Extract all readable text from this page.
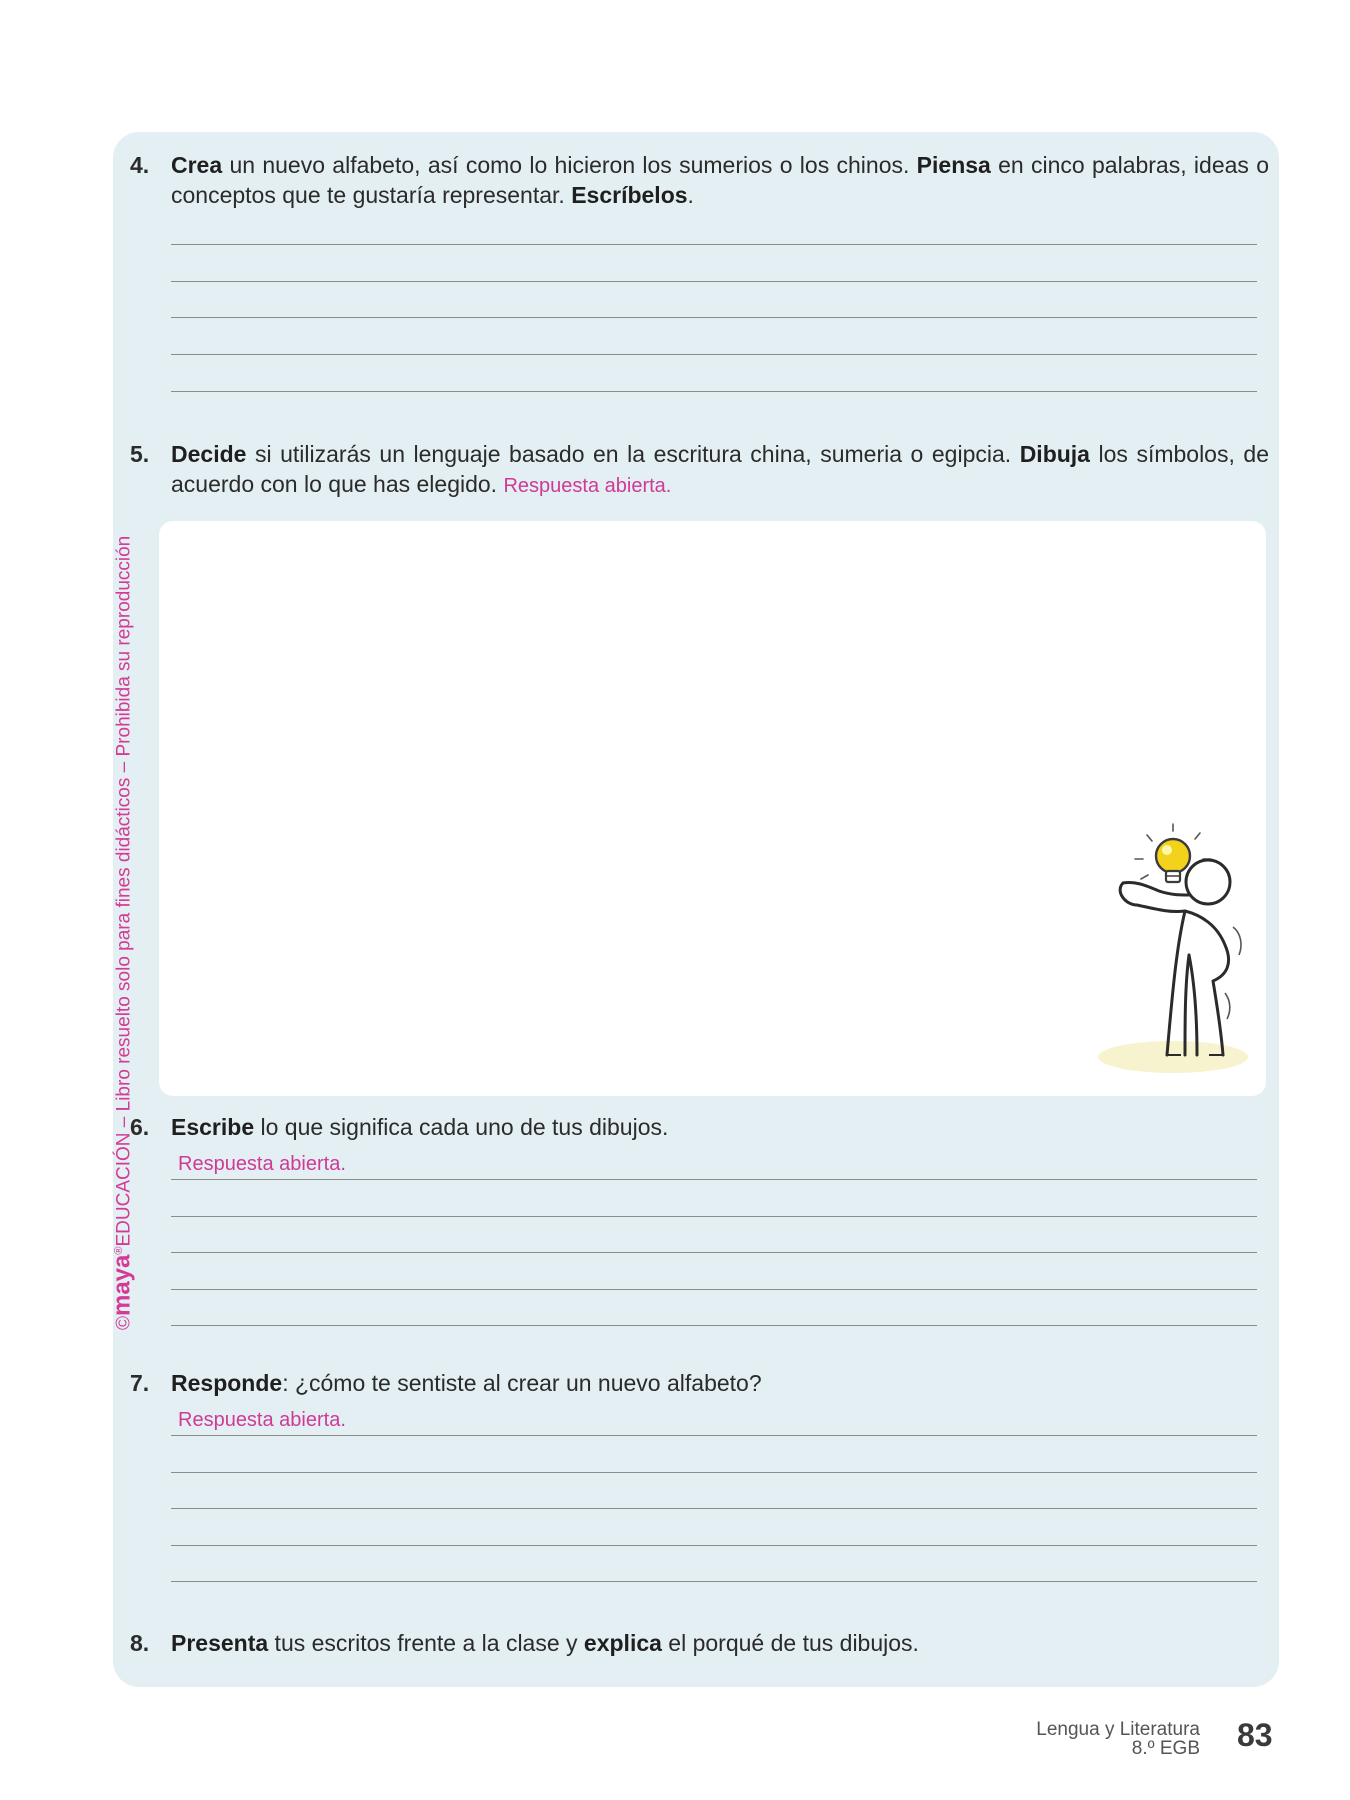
4. Crea un nuevo alfabeto, así como lo hicieron los sumerios o los chinos. Piensa en cinco palabras, ideas o conceptos que te gustaría representar. Escríbelos.
5. Decide si utilizarás un lenguaje basado en la escritura china, sumeria o egipcia. Dibuja los símbolos, de acuerdo con lo que has elegido. Respuesta abierta.
6. Escribe lo que significa cada uno de tus dibujos.
Respuesta abierta.
7. Responde: ¿cómo te sentiste al crear un nuevo alfabeto?
Respuesta abierta.
8. Presenta tus escritos frente a la clase y explica el porqué de tus dibujos.
©maya®EDUCACIÓN – Libro resuelto solo para fines didácticos – Prohibida su reproducción
Lengua y Literatura
8.º EGB 83
